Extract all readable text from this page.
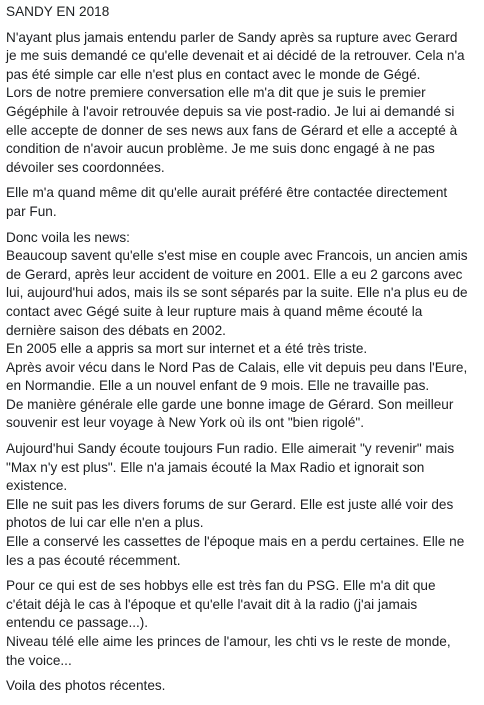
SANDY EN 2018
N'ayant plus jamais entendu parler de Sandy après sa rupture avec Gerard
je me suis demandé ce qu'elle devenait et ai décidé de la retrouver. Cela n'a
pas été simple car elle n'est plus en contact avec le monde de Gégé.
Lors de notre premiere conversation elle m'a dit que je suis le premier
Gégéphile à l'avoir retrouvée depuis sa vie post-radio. Je lui ai demandé si
elle accepte de donner de ses news aux fans de Gérard et elle a accepté à
condition de n'avoir aucun problème. Je me suis donc engagé à ne pas
dévoiler ses coordonnées.
Elle m'a quand même dit qu'elle aurait préféré être contactée directement
par Fun.
Donc voila les news:
Beaucoup savent qu'elle s'est mise en couple avec Francois, un ancien amis
de Gerard, après leur accident de voiture en 2001. Elle a eu 2 garcons avec
lui, aujourd'hui ados, mais ils se sont séparés par la suite. Elle n'a plus eu de
contact avec Gégé suite à leur rupture mais à quand même écouté la
dernière saison des débats en 2002.
En 2005 elle a appris sa mort sur internet et a été très triste.
Après avoir vécu dans le Nord Pas de Calais, elle vit depuis peu dans l'Eure,
en Normandie. Elle a un nouvel enfant de 9 mois. Elle ne travaille pas.
De manière générale elle garde une bonne image de Gérard. Son meilleur
souvenir est leur voyage à New York où ils ont "bien rigolé".
Aujourd'hui Sandy écoute toujours Fun radio. Elle aimerait "y revenir" mais
"Max n'y est plus". Elle n'a jamais écouté la Max Radio et ignorait son
existence.
Elle ne suit pas les divers forums de sur Gerard. Elle est juste allé voir des
photos de lui car elle n'en a plus.
Elle a conservé les cassettes de l'époque mais en a perdu certaines. Elle ne
les a pas écouté récemment.
Pour ce qui est de ses hobbys elle est très fan du PSG. Elle m'a dit que
c'était déjà le cas à l'époque et qu'elle l'avait dit à la radio (j'ai jamais
entendu ce passage...).
Niveau télé elle aime les princes de l'amour, les chti vs le reste de monde,
the voice...
Voila des photos récentes.
